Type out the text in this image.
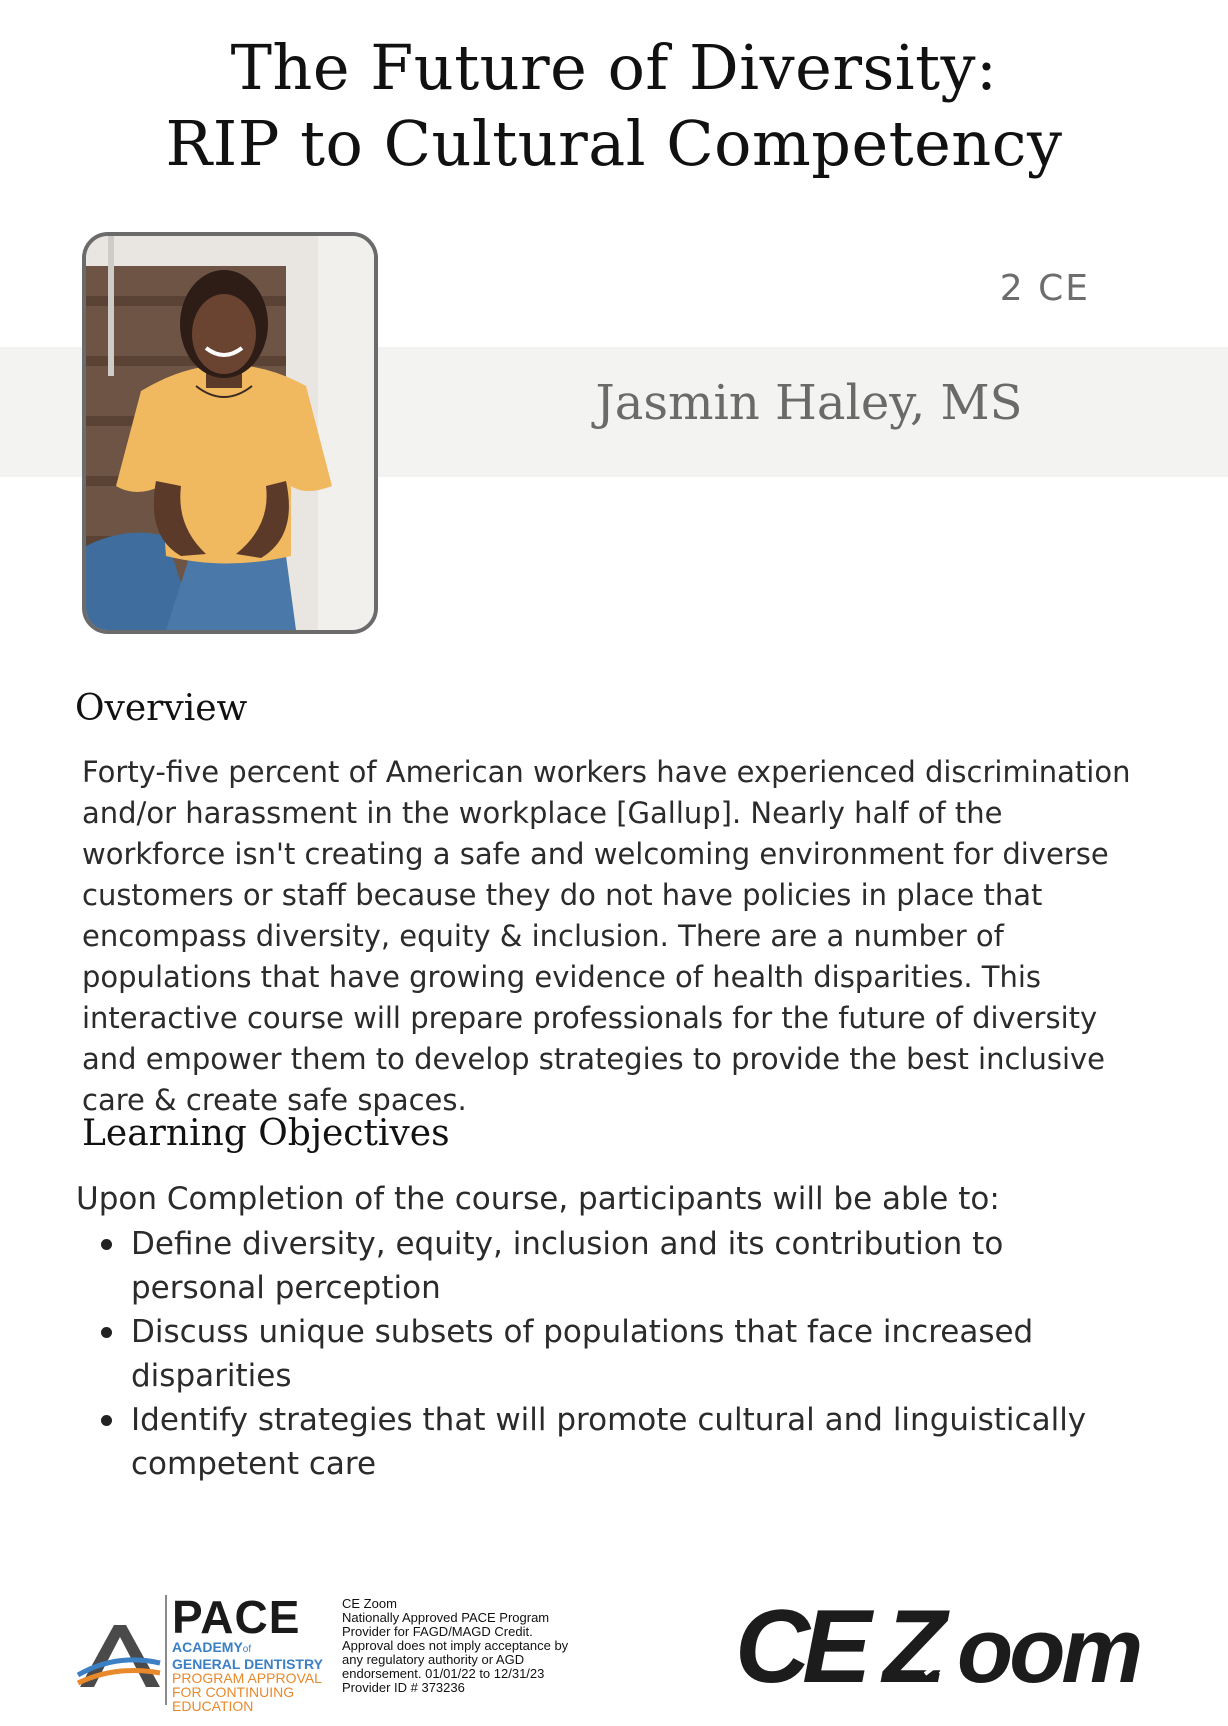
The Future of Diversity:
RIP to Cultural Competency
2 CE
Jasmin Haley, MS
Overview
Forty-five percent of American workers have experienced discrimination and/or harassment in the workplace [Gallup]. Nearly half of the workforce isn't creating a safe and welcoming environment for diverse customers or staff because they do not have policies in place that encompass diversity, equity & inclusion. There are a number of populations that have growing evidence of health disparities. This interactive course will prepare professionals for the future of diversity and empower them to develop strategies to provide the best inclusive care & create safe spaces.
Learning Objectives
Upon Completion of the course, participants will be able to:
Define diversity, equity, inclusion and its contribution to personal perception
Discuss unique subsets of populations that face increased disparities
Identify strategies that will promote cultural and linguistically competent care
PACE
ACADEMYof
GENERAL DENTISTRY
PROGRAM APPROVAL
FOR CONTINUING
EDUCATION
CE Zoom
Nationally Approved PACE Program
Provider for FAGD/MAGD Credit.
Approval does not imply acceptance by
any regulatory authority or AGD
endorsement. 01/01/22 to 12/31/23
Provider ID # 373236	CE Z oom
